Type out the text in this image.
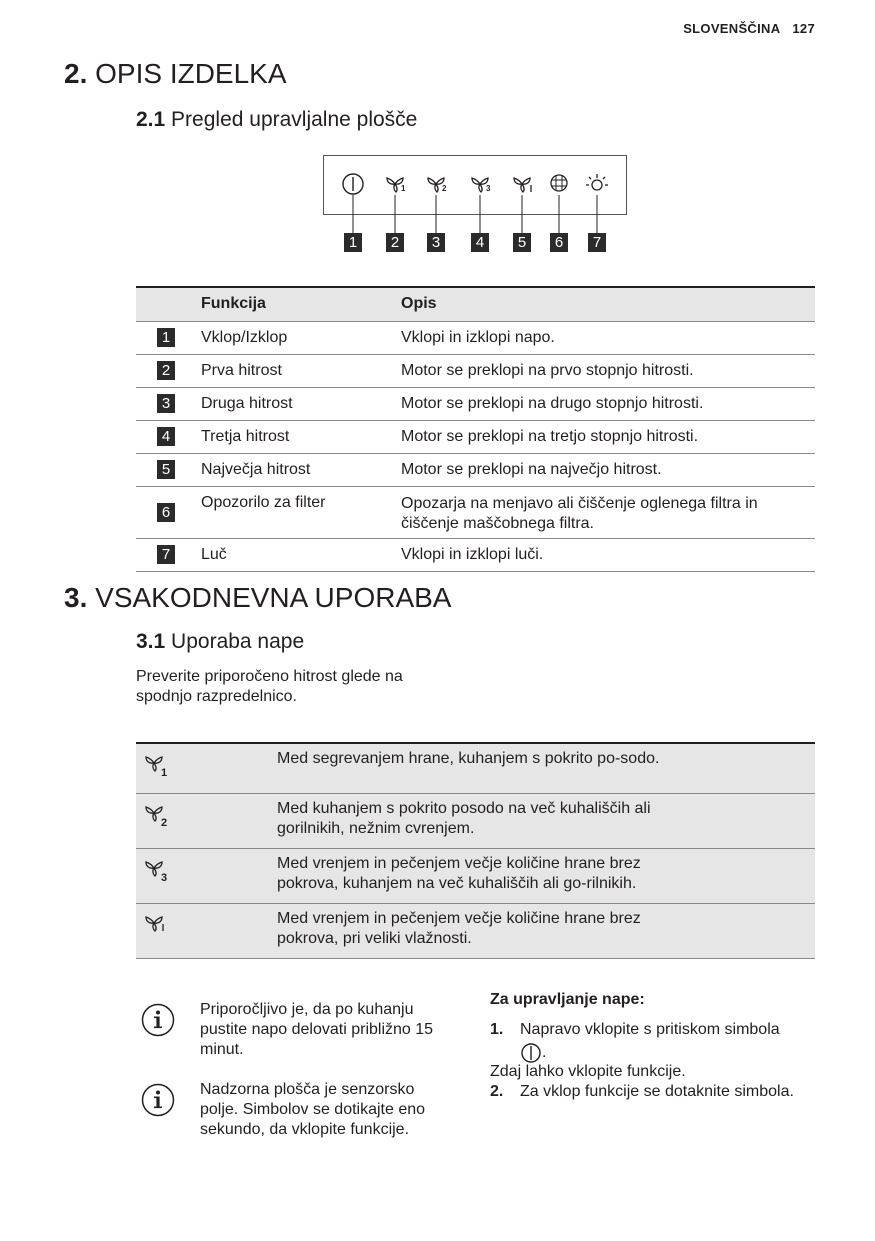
SLOVENŠČINA 127
2. OPIS IZDELKA
2.1 Pregled upravljalne plošče
1	2	3
1	2	3	4	5	6	7
	Funkcija	Opis
1	Vklop/Izklop	Vklopi in izklopi napo.
2	Prva hitrost	Motor se preklopi na prvo stopnjo hitrosti.
3	Druga hitrost	Motor se preklopi na drugo stopnjo hitrosti.
4	Tretja hitrost	Motor se preklopi na tretjo stopnjo hitrosti.
5	Največja hitrost	Motor se preklopi na največjo hitrost.
6	Opozorilo za filter	Opozarja na menjavo ali čiščenje oglenega filtra in čiščenje maščobnega filtra.
7	Luč	Vklopi in izklopi luči.
3. VSAKODNEVNA UPORABA
3.1 Uporaba nape
Preverite priporočeno hitrost glede na spodnjo razpredelnico.
1	Med segrevanjem hrane, kuhanjem s pokrito po-sodo.

2	Med kuhanjem s pokrito posodo na več kuhališčih ali gorilnikih, nežnim cvrenjem.

3	Med vrenjem in pečenjem večje količine hrane brez pokrova, kuhanjem na več kuhališčih ali go-rilnikih.
	Med vrenjem in pečenjem večje količine hrane brez pokrova, pri veliki vlažnosti.
Priporočljivo je, da po kuhanju pustite napo delovati približno 15 minut.
Nadzorna plošča je senzorsko polje. Simbolov se dotikajte eno sekundo, da vklopite funkcije.
Za upravljanje nape:
1. Napravo vklopite s pritiskom simbola
.
Zdaj lahko vklopite funkcije.
2. Za vklop funkcije se dotaknite simbola.
